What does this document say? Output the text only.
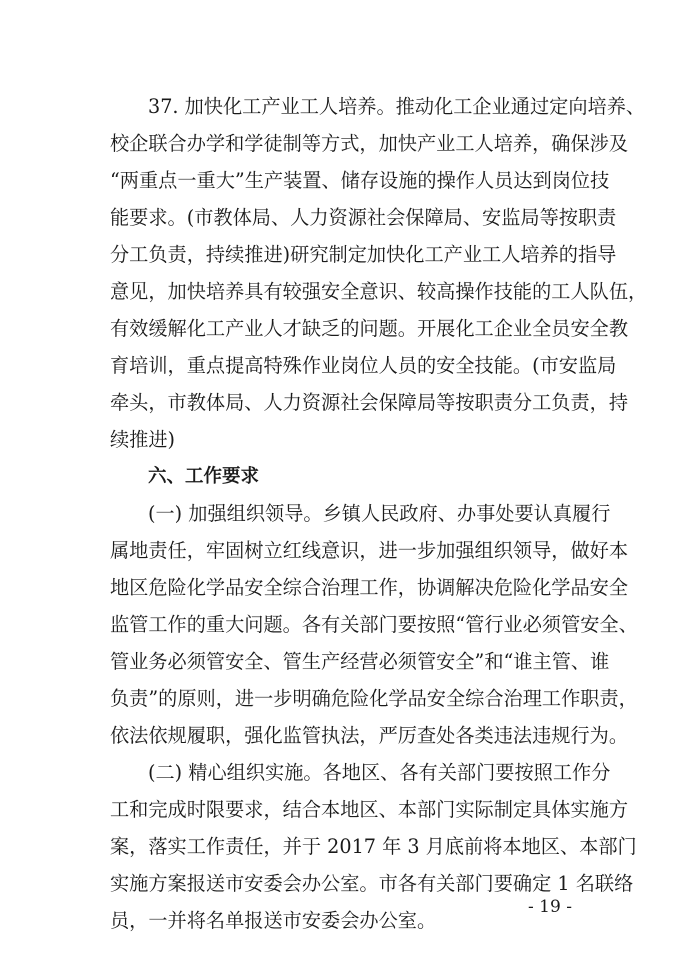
37. 加快化工产业工人培养。推动化工企业通过定向培养、
校企联合办学和学徒制等方式，加快产业工人培养，确保涉及
“两重点一重大”生产装置、储存设施的操作人员达到岗位技
能要求。(市教体局、人力资源社会保障局、安监局等按职责
分工负责，持续推进)研究制定加快化工产业工人培养的指导
意见，加快培养具有较强安全意识、较高操作技能的工人队伍，
有效缓解化工产业人才缺乏的问题。开展化工企业全员安全教
育培训，重点提高特殊作业岗位人员的安全技能。(市安监局
牵头，市教体局、人力资源社会保障局等按职责分工负责，持
续推进)
六、工作要求
(一) 加强组织领导。乡镇人民政府、办事处要认真履行
属地责任，牢固树立红线意识，进一步加强组织领导，做好本
地区危险化学品安全综合治理工作，协调解决危险化学品安全
监管工作的重大问题。各有关部门要按照“管行业必须管安全、
管业务必须管安全、管生产经营必须管安全”和“谁主管、谁
负责”的原则，进一步明确危险化学品安全综合治理工作职责，
依法依规履职，强化监管执法，严厉查处各类违法违规行为。
(二) 精心组织实施。各地区、各有关部门要按照工作分
工和完成时限要求，结合本地区、本部门实际制定具体实施方
案，落实工作责任，并于 2017 年 3 月底前将本地区、本部门
实施方案报送市安委会办公室。市各有关部门要确定 1 名联络
员，一并将名单报送市安委会办公室。
- 19 -
